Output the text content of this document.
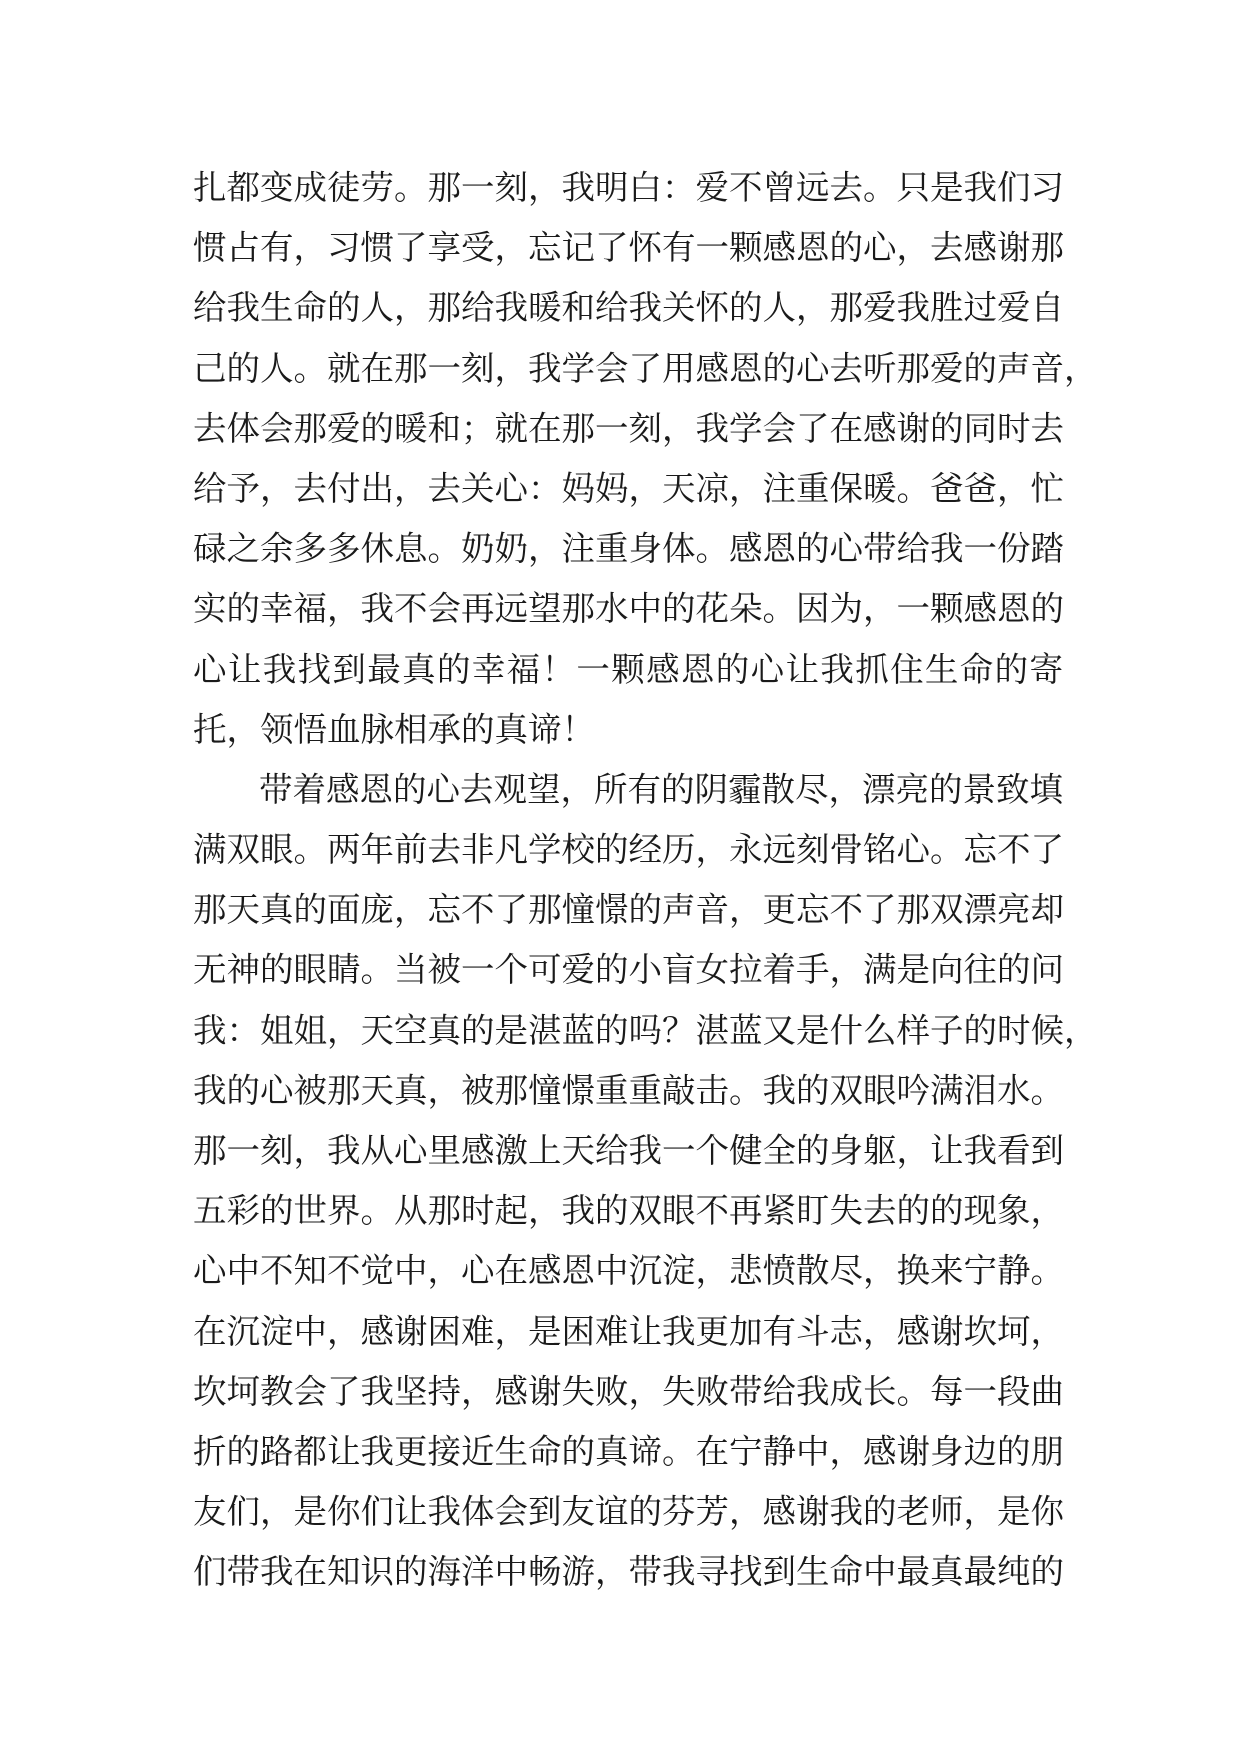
扎都变成徒劳。那一刻，我明白：爱不曾远去。只是我们习
惯占有，习惯了享受，忘记了怀有一颗感恩的心，去感谢那
给我生命的人，那给我暖和给我关怀的人，那爱我胜过爱自
己的人。就在那一刻，我学会了用感恩的心去听那爱的声音，
去体会那爱的暖和；就在那一刻，我学会了在感谢的同时去
给予，去付出，去关心：妈妈，天凉，注重保暖。爸爸，忙
碌之余多多休息。奶奶，注重身体。感恩的心带给我一份踏
实的幸福，我不会再远望那水中的花朵。因为，一颗感恩的
心让我找到最真的幸福！一颗感恩的心让我抓住生命的寄
托，领悟血脉相承的真谛！
带着感恩的心去观望，所有的阴霾散尽，漂亮的景致填
满双眼。两年前去非凡学校的经历，永远刻骨铭心。忘不了
那天真的面庞，忘不了那憧憬的声音，更忘不了那双漂亮却
无神的眼睛。当被一个可爱的小盲女拉着手，满是向往的问
我：姐姐，天空真的是湛蓝的吗？湛蓝又是什么样子的时候，
我的心被那天真，被那憧憬重重敲击。我的双眼吟满泪水。
那一刻，我从心里感激上天给我一个健全的身躯，让我看到
五彩的世界。从那时起，我的双眼不再紧盯失去的的现象，
心中不知不觉中，心在感恩中沉淀，悲愤散尽，换来宁静。
在沉淀中，感谢困难，是困难让我更加有斗志，感谢坎坷，
坎坷教会了我坚持，感谢失败，失败带给我成长。每一段曲
折的路都让我更接近生命的真谛。在宁静中，感谢身边的朋
友们，是你们让我体会到友谊的芬芳，感谢我的老师，是你
们带我在知识的海洋中畅游，带我寻找到生命中最真最纯的
